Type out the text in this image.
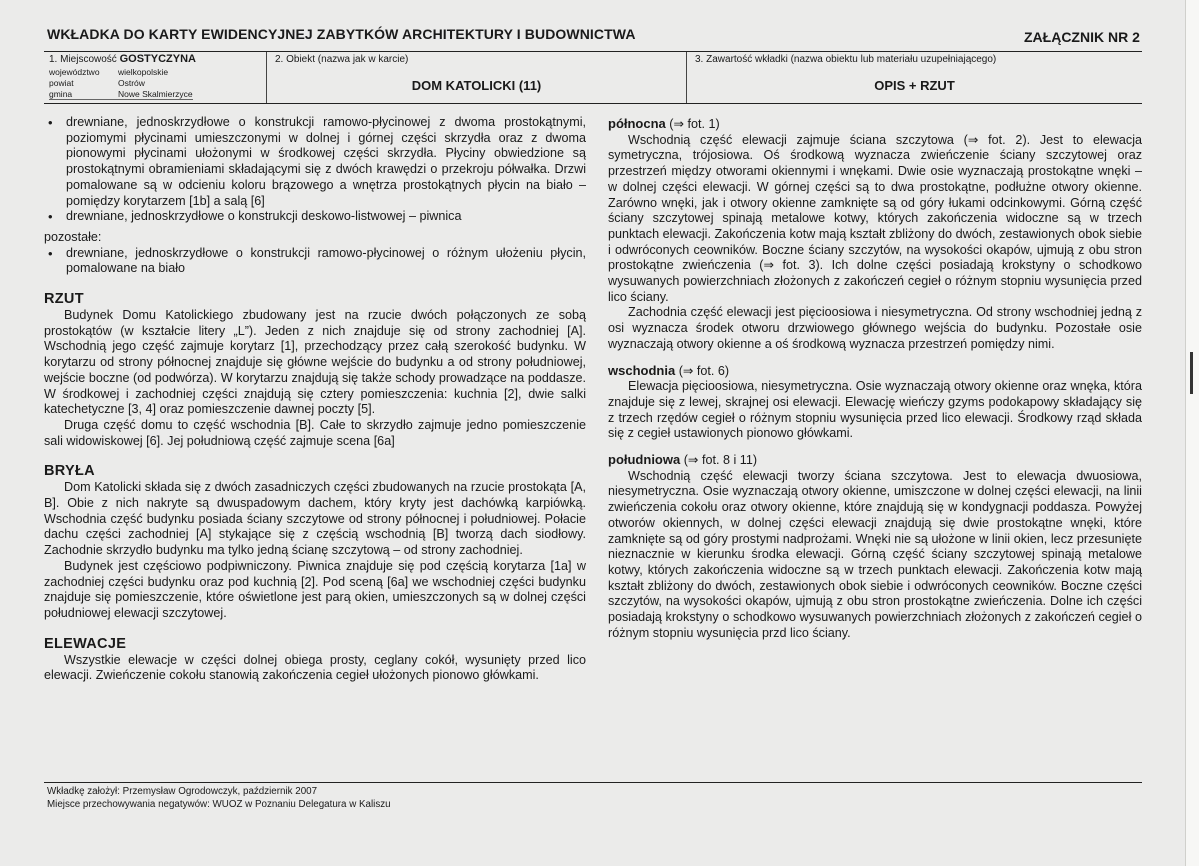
WKŁADKA DO KARTY EWIDENCYJNEJ ZABYTKÓW ARCHITEKTURY I BUDOWNICTWA	ZAŁĄCZNIK NR 2
1. Miejscowość GOSTYCZYNA
województwo wielkopolskie
powiat	Ostrów
gmina	Nowe Skalmierzyce
2. Obiekt (nazwa jak w karcie)
DOM KATOLICKI (11)
3. Zawartość wkładki (nazwa obiektu lub materiału uzupełniającego)
OPIS + RZUT
• drewniane, jednoskrzydłowe o konstrukcji ramowo-płycinowej z dwoma prostokątnymi, poziomymi płycinami umieszczonymi w dolnej i górnej części skrzydła oraz z dwoma pionowymi płycinami ułożonymi w środkowej części skrzydła. Płyciny obwiedzione są prostokątnymi obramieniami składającymi się z dwóch krawędzi o przekroju półwałka. Drzwi pomalowane są w odcieniu koloru brązowego a wnętrza prostokątnych płycin na biało – pomiędzy korytarzem [1b] a salą [6]
• drewniane, jednoskrzydłowe o konstrukcji deskowo-listwowej – piwnica

pozostałe:

• drewniane, jednoskrzydłowe o konstrukcji ramowo-płycinowej o różnym ułożeniu płycin, pomalowane na biało
RZUT

Budynek Domu Katolickiego zbudowany jest na rzucie dwóch połączonych ze sobą prostokątów (w kształcie litery „L”). Jeden z nich znajduje się od strony zachodniej [A]. Wschodnią jego część zajmuje korytarz [1], przechodzący przez całą szerokość budynku. W korytarzu od strony północnej znajduje się główne wejście do budynku a od strony południowej, wejście boczne (od podwórza). W korytarzu znajdują się także schody prowadzące na poddasze. W środkowej i zachodniej części znajdują się cztery pomieszczenia: kuchnia [2], dwie salki katechetyczne [3, 4] oraz pomieszczenie dawnej poczty [5].

Druga część domu to część wschodnia [B]. Całe to skrzydło zajmuje jedno pomieszczenie sali widowiskowej [6]. Jej południową część zajmuje scena [6a]

BRYŁA

Dom Katolicki składa się z dwóch zasadniczych części zbudowanych na rzucie prostokąta [A, B]. Obie z nich nakryte są dwuspadowym dachem, który kryty jest dachówką karpiówką. Wschodnia część budynku posiada ściany szczytowe od strony północnej i południowej. Połacie dachu części zachodniej [A] stykające się z częścią wschodnią [B] tworzą dach siodłowy. Zachodnie skrzydło budynku ma tylko jedną ścianę szczytową – od strony zachodniej.

Budynek jest częściowo podpiwniczony. Piwnica znajduje się pod częścią korytarza [1a] w zachodniej części budynku oraz pod kuchnią [2]. Pod sceną [6a] we wschodniej części budynku znajduje się pomieszczenie, które oświetlone jest parą okien, umieszczonych są w dolnej części południowej elewacji szczytowej.

ELEWACJE

Wszystkie elewacje w części dolnej obiega prosty, ceglany cokół, wysunięty przed lico elewacji. Zwieńczenie cokołu stanowią zakończenia cegieł ułożonych pionowo główkami.

północna (⇒ fot. 1)

Wschodnią część elewacji zajmuje ściana szczytowa (⇒ fot. 2). Jest to elewacja symetryczna, trójosiowa. Oś środkową wyznacza zwieńczenie ściany szczytowej oraz przestrzeń między otworami okiennymi i wnękami. Dwie osie wyznaczają prostokątne wnęki – w dolnej części elewacji. W górnej części są to dwa prostokątne, podłużne otwory okienne. Zarówno wnęki, jak i otwory okienne zamknięte są od góry łukami odcinkowymi. Górną część ściany szczytowej spinają metalowe kotwy, których zakończenia widoczne są w trzech punktach elewacji. Zakończenia kotw mają kształt zbliżony do dwóch, zestawionych obok siebie i odwróconych ceowników. Boczne ściany szczytów, na wysokości okapów, ujmują z obu stron prostokątne zwieńczenia (⇒ fot. 3). Ich dolne części posiadają krokstyny o schodkowo wysuwanych powierzchniach złożonych z zakończeń cegieł o różnym stopniu wysunięcia przed lico ściany.

Zachodnia część elewacji jest pięcioosiowa i niesymetryczna. Od strony wschodniej jedną z osi wyznacza środek otworu drzwiowego głównego wejścia do budynku. Pozostałe osie wyznaczają otwory okienne a oś środkową wyznacza przestrzeń pomiędzy nimi.

wschodnia (⇒ fot. 6)

Elewacja pięcioosiowa, niesymetryczna. Osie wyznaczają otwory okienne oraz wnęka, która znajduje się z lewej, skrajnej osi elewacji. Elewację wieńczy gzyms podokapowy składający się z trzech rzędów cegieł o różnym stopniu wysunięcia przed lico elewacji. Środkowy rząd składa się z cegieł ustawionych pionowo główkami.

południowa (⇒ fot. 8 i 11)

Wschodnią część elewacji tworzy ściana szczytowa. Jest to elewacja dwuosiowa, niesymetryczna. Osie wyznaczają otwory okienne, umiszczone w dolnej części elewacji, na linii zwieńczenia cokołu oraz otwory okienne, które znajdują się w kondygnacji poddasza. Powyżej otworów okiennych, w dolnej części elewacji znajdują się dwie prostokątne wnęki, które zamknięte są od góry prostymi nadprożami. Wnęki nie są ułożone w linii okien, lecz przesunięte nieznacznie w kierunku środka elewacji. Górną część ściany szczytowej spinają metalowe kotwy, których zakończenia widoczne są w trzech punktach elewacji. Zakończenia kotw mają kształt zbliżony do dwóch, zestawionych obok siebie i odwróconych ceowników. Boczne części szczytów, na wysokości okapów, ujmują z obu stron prostokątne zwieńczenia. Dolne ich części posiadają krokstyny o schodkowo wysuwanych powierzchniach złożonych z zakończeń cegieł o różnym stopniu wysunięcia przd lico ściany.

Wkładkę założył: Przemysław Ogrodowczyk, październik 2007
Miejsce przechowywania negatywów: WUOZ w Poznaniu Delegatura w Kaliszu
